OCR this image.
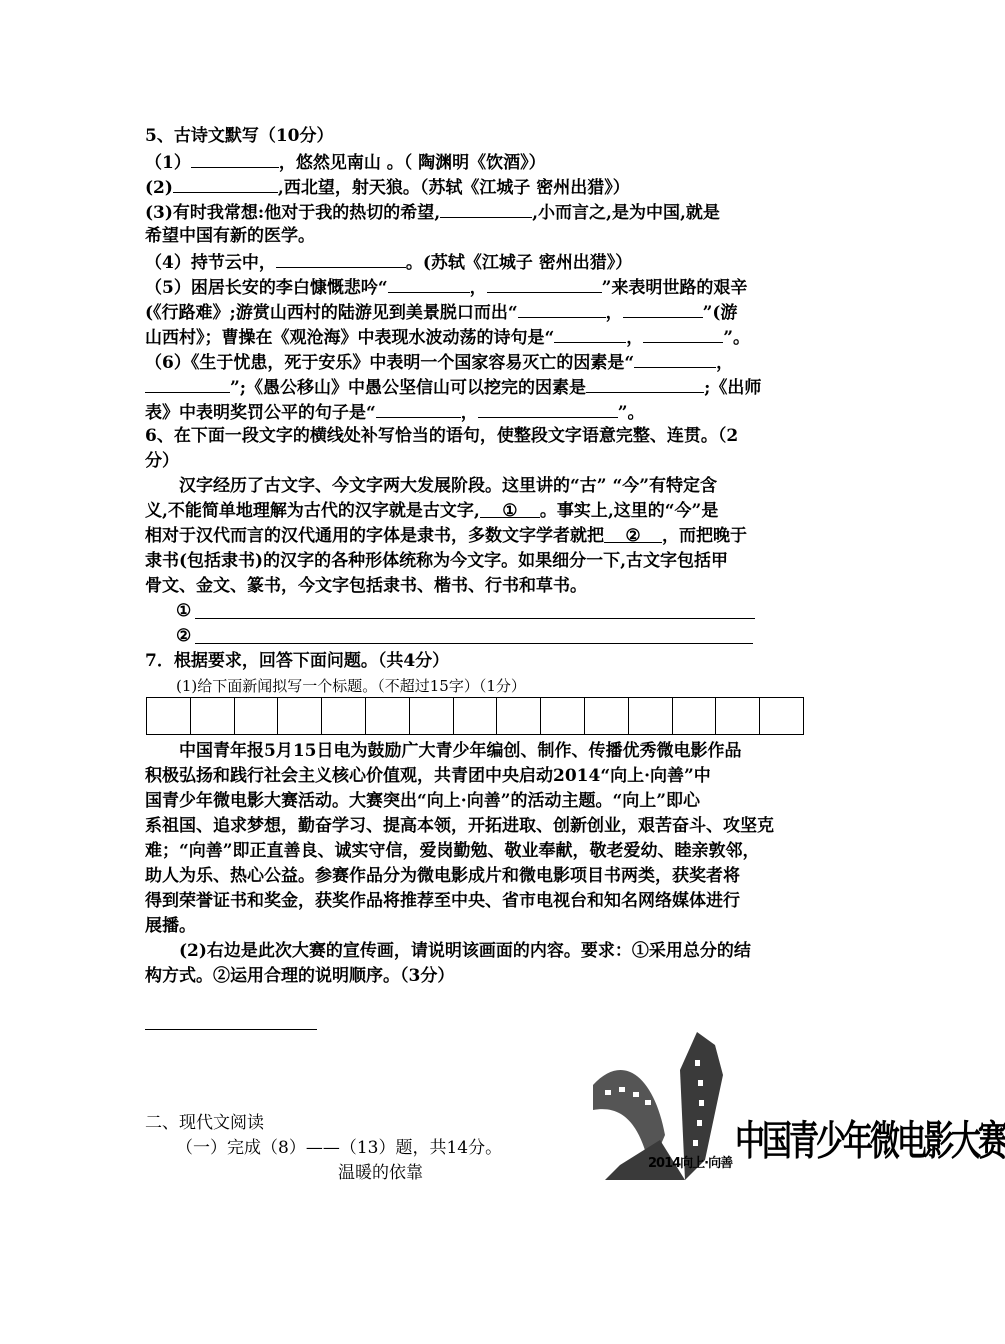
5、古诗文默写（10分）
（1）	，悠然见南山 。（ 陶渊明《饮酒》）
(2)	,西北望，射天狼。（苏轼《江城子 密州出猎》）
(3)有时我常想:他对于我的热切的希望,	,小而言之,是为中国,就是
希望中国有新的医学。
（4）持节云中，	。(苏轼《江城子 密州出猎》）
（5）困居长安的李白慷慨悲吟“	，	”来表明世路的艰辛
(《行路难》;游赏山西村的陆游见到美景脱口而出“	，	”(游
山西村》；曹操在《观沧海》中表现水波动荡的诗句是“	，	”。
（6）《生于忧患，死于安乐》中表明一个国家容易灭亡的因素是“	，
”;《愚公移山》中愚公坚信山可以挖完的因素是	;《出师
表》中表明奖罚公平的句子是“	，	”。
6、在下面一段文字的横线处补写恰当的语句，使整段文字语意完整、连贯。（2
分）
汉字经历了古文字、今文字两大发展阶段。这里讲的“古” “今”有特定含
义,不能简单地理解为古代的汉字就是古文字, ① 。事实上,这里的“今”是
相对于汉代而言的汉代通用的字体是隶书，多数文字学者就把 ② ，而把晚于
隶书(包括隶书)的汉字的各种形体统称为今文字。如果细分一下,古文字包括甲
骨文、金文、篆书，今文字包括隶书、楷书、行书和草书。
①
②
7．根据要求，回答下面问题。（共4分）
(1)给下面新闻拟写一个标题。（不超过15字）（1分）
中国青年报5月15日电为鼓励广大青少年编创、制作、传播优秀微电影作品
积极弘扬和践行社会主义核心价值观，共青团中央启动2014“向上·向善”中
国青少年微电影大赛活动。大赛突出“向上·向善”的活动主题。“向上”即心
系祖国、追求梦想，勤奋学习、提高本领，开拓进取、创新创业，艰苦奋斗、攻坚克
难；“向善”即正直善良、诚实守信，爱岗勤勉、敬业奉献，敬老爱幼、睦亲敦邻，
助人为乐、热心公益。参赛作品分为微电影成片和微电影项目书两类，获奖者将
得到荣誉证书和奖金，获奖作品将推荐至中央、省市电视台和知名网络媒体进行
展播。
(2)右边是此次大赛的宣传画，请说明该画面的内容。要求：①采用总分的结
构方式。②运用合理的说明顺序。（3分）
二、现代文阅读
（一）完成（8）——（13）题，共14分。
温暖的依靠	2014向上·向善 中国青少年微电影大赛
